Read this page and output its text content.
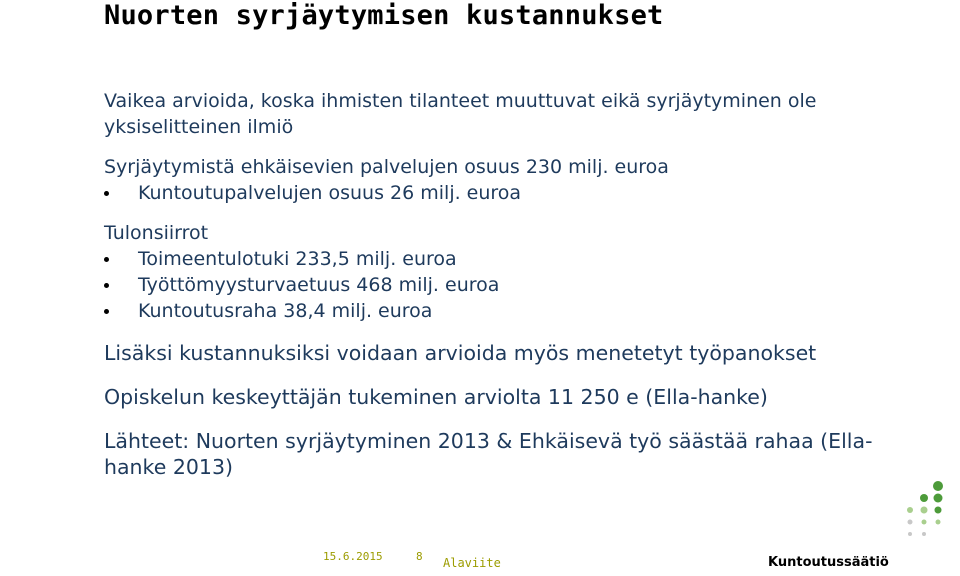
Nuorten syrjäytymisen kustannukset

Vaikea arvioida, koska ihmisten tilanteet muuttuvat eikä syrjäytyminen ole

yksiselitteinen ilmiö

Syrjäytymistä ehkäisevien palvelujen osuus 230 milj. euroa

Kuntoutupalvelujen osuus 26 milj. euroa

Tulonsiirrot

Toimeentulotuki 233,5 milj. euroa

Työttömyysturvaetuus 468 milj. euroa

Kuntoutusraha 38,4 milj. euroa

Lisäksi kustannuksiksi voidaan arvioida myös menetetyt työpanokset

Opiskelun keskeyttäjän tukeminen arviolta 11 250 e (Ella-hanke)

Lähteet: Nuorten syrjäytyminen 2013 & Ehkäisevä työ säästää rahaa (Ella-

hanke 2013)

15.6.2015	8 Alaviite	Kuntoutussäätiö
